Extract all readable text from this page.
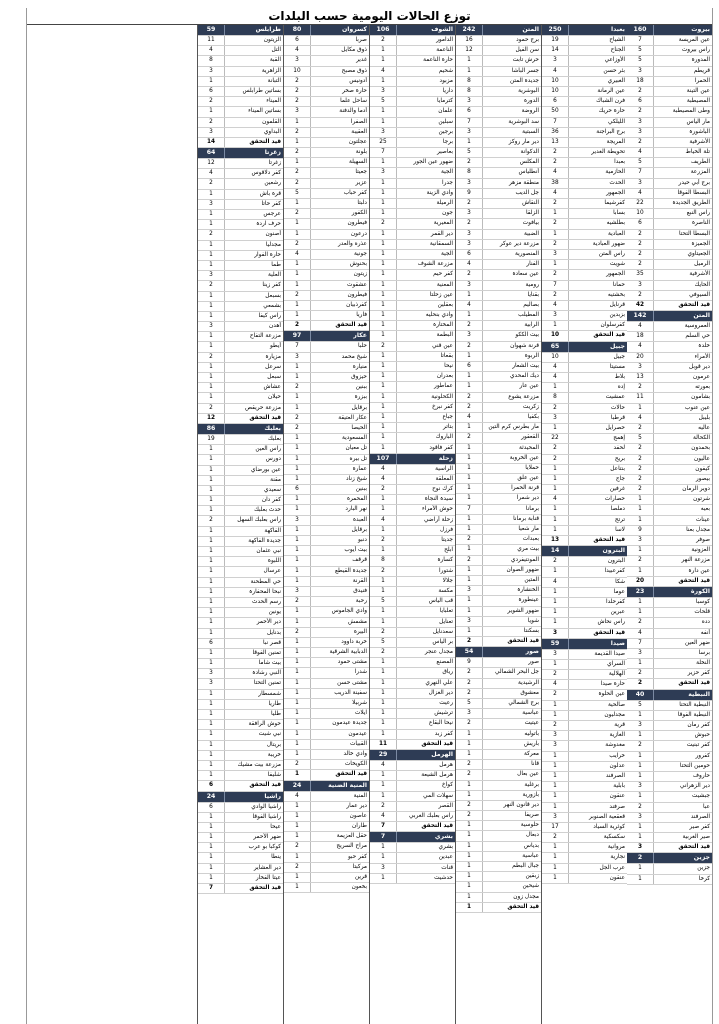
توزع الحالات اليومية حسب البلدات
بيروت
160
عين المريسة
7
راس بيروت
5
المدورة
5
قريطم
3
الحمرا
18
عين التينة
2
المصيطبة
6
وطى المصيطبة
2
مار الياس
3
الباشورة
3
الأشرفية
2
تلة الخياط
4
الطريف
5
المزرعة
7
برج أبي حيدر
3
البسطا الفوقا
4
الطريق الجديدة
22
راس النبع
10
الناصرة
6
البسطا التحتا
2
الجميزة
2
الجعيتاوي
2
الرميل
2
الأشرفية
35
الحايك
3
السيوفي
2
قيد التحقق
42
المتن
142
العمروسية
4
حي السلم
18
خلدة
4
الأمراء
20
دير قوبل
3
عرمون
13
بعورته
2
بشامون
11
عين عنوب
1
بليبل
4
عاليه
2
الكحالة
5
بحمدون
2
عاليون
2
كيفون
2
بيصور
2
دوير الرمان
2
شرتون
1
بعيه
1
عينات
1
مجدل بعنا
9
صوفر
3
العزونية
1
مزرعة النهر
2
عين دارة
1
قيد التحقق
20
الكورة
23
كوسبا
1
قلحات
1
دده
2
أنفه
4
ضهر العين
7
برسا
3
النخلة
1
كفر حزير
2
قيد التحقق
2
النبطية
40
النبطية التحتا
5
النبطية الفوقا
1
كفر رمان
3
حبوش
1
كفر تبنيت
2
كفرور
1
حومين التحتا
1
حاروف
1
دير الزهراني
3
جبشيت
1
عبا
2
الصرفند
3
كفر صير
1
صير الغربية
1
قيد التحقق
3
جزين
2
جزين
1
كرخا
1
بعبدا
250
الشياح
19
الجناح
14
الأوزاعي
3
بئر حسن
4
الغبيري
10
عين الرمانة
10
فرن الشباك
6
حارة حريك
50
الليلكي
7
برج البراجنة
36
المريجة
13
تحويطة الغدير
2
بعبدا
2
الحازمية
4
الحدث
38
الجمهور
4
كفرشيما
2
بسابا
1
بطلشيه
2
العبادية
1
ضهور العبادية
2
راس المتن
3
شويت
1
الجمهور
2
حمانا
7
بخشتيه
2
قرنايل
4
بزبدين
3
كفرسلوان
1
قيد التحقق
10
جبيل
65
جبيل
10
مستيتا
4
بلاط
4
إده
1
عمشيت
8
حالات
2
قرطبا
3
حصرايل
1
إهمج
22
لحفد
2
بريح
2
بنتاعل
1
جاج
1
غرفين
1
حصارات
4
دملصا
1
ترتج
1
لاسا
1
قيد التحقق
13
البترون
14
البترون
2
كفرعبيدا
1
شكا
4
عوما
1
كفرحلدا
1
عبرين
1
راس نحاش
1
قيد التحقق
3
صيدا
59
صيدا القديمة
3
السراي
1
الهلالية
2
حارة صيدا
4
عين الحلوة
2
صالحية
1
مجدليون
1
قرية
2
الغازية
3
مغدوشة
3
خرايب
1
عدلون
1
الصرفند
1
بابلية
1
عنقون
1
صرفند
1
قعقعية الصنوبر
3
كوثرية السياد
17
سكسكية
2
مروانية
1
نجارية
1
عرب الجل
1
عنقون
1
المتن
242
برج حمود
16
سن الفيل
12
حرش تابت
1
جسر الباشا
1
جديدة المتن
8
البوشرية
8
الدورة
3
الروضة
6
سد البوشرية
7
السبتية
3
دير مار روكز
1
الدكوانة
5
المكلس
2
أنطلياس
8
منطقة مزهر
3
جل الديب
9
النقاش
2
الزلقا
3
بيافوت
2
الضبية
3
مزرعة دير عوكر
3
المنصورية
6
الفنار
4
عين سعادة
2
رومية
3
بقنايا
1
بصاليم
4
المطيلب
1
الرابية
2
بيت الككو
3
قرنة شهوان
2
الربوة
1
بيت الشعار
6
ديك المحدي
1
عين عار
1
مزرعة يشوع
2
زكريت
2
بكفيا
4
مار بطرس كرم التين
1
القعقور
2
المحيدثة
1
عين الخروبة
1
حملايا
1
عين علق
1
قرنة الحمرا
1
دير شمرا
1
برمانا
7
قنابة برمانا
1
مار شعيا
1
بعبدات
2
بيت مري
1
المونتيفردي
2
ضهور الصوان
1
المتين
1
الخنشارة
3
عينطورة
1
ضهور الشوير
1
شويا
3
بسكنتا
1
قيد التحقق
2
صور
54
صور
9
جل البحر الشمالي
2
الرشيدية
2
معشوق
2
برج الشمالي
5
عباسية
3
عيتيت
2
باتوليه
1
باريش
1
معركة
1
قانا
2
عين بعال
2
برغلية
1
بازورية
1
دير قانون النهر
2
صريفا
2
حلوسية
1
دبعال
1
بدياس
1
عباسية
1
جبال البطم
1
زبقين
1
شيحين
1
مجدل زون
1
قيد التحقق
1
الشوف
106
الدامور
2
الناعمة
1
حارة الناعمة
1
شحيم
4
مزبود
1
داريا
3
كترمايا
5
علمان
1
سبلين
1
برجين
3
برجا
25
بعاصير
7
ضهور عين الجور
1
الجية
3
جدرا
1
وادي الزينة
1
الرميلة
1
جون
1
المغيرية
2
دير القمر
1
السمقانية
1
الجية
1
مزرعة الشوف
1
كفر حيم
1
المعنية
1
عين زحلتا
1
بعقلين
1
وادي بنحليه
1
المختارة
1
البطمة
1
عين قني
2
بقعاتا
1
نيحا
1
بعدران
1
عماطور
1
الكحلونية
1
كفر نبرخ
1
جباع
1
بتاتر
1
الباروك
1
كفر فاقود
1
زحلة
107
الراسية
4
المعلقة
4
كرك نوح
2
سيدة النجاة
1
حوش الأمراء
1
زحلة أراضي
4
فرزل
1
جديتا
2
ابلح
1
كسارة
8
شتورا
2
جلالا
1
مكسة
1
قب الياس
5
تعلبايا
1
تعنايل
1
سعدنايل
2
بر الياس
5
مجدل عنجر
2
المصنع
1
رياق
1
علي النهري
1
دير الغزال
1
رعيت
1
ترشيش
1
نيحا البقاع
1
كفر زبد
1
قيد التحقق
11
الهرمل
29
هرمل
4
هرمل الشيعة
1
كواخ
1
سهلات المي
1
القصر
2
راس بعلبك الغربي
4
قيد التحقق
7
بشري
7
بشري
1
عبدين
1
قنات
3
حدشيت
1
كسروان
80
صربا
6
ذوق مكايل
4
غدير
3
ذوق مصبح
10
أدونيس
2
حارة صخر
2
ساحل علما
2
أدما والدفنة
3
الصفرا
1
العقيبة
2
عجلتون
1
بلونة
2
السهيلة
1
جعيتا
2
عزير
2
كفر حباب
5
دلبتا
1
الكفور
2
فيطرون
1
درعون
1
عذره والعدر
2
جونية
4
بحنوش
1
زيتون
1
عشقوت
1
فيطرون
2
كفرذبيان
1
فاريا
1
قيد التحقق
2
عكار
97
حلبا
7
شيخ محمد
3
منيارة
1
حيزوق
1
ببنين
2
ببزرة
1
برقايل
1
عكار العتيقة
2
الحيصا
2
المسعودية
1
تل معيان
1
تل بيره
1
عمارة
1
شيخ زناد
1
ببنين
6
المحمرة
1
نهر البارد
1
العبدة
3
برقايل
1
دنبو
1
بيت أيوب
1
قرقف
1
جديدة القيطع
1
القرنة
1
فنيدق
3
رحبة
2
وادي الجاموس
1
مشمش
1
البيرة
2
خربة داوود
1
الدبابية الشرقية
1
مشتى حمود
1
شدرا
1
مشتى حسن
1
سفينة الدريب
1
شربيلا
1
ايلات
1
جديدة عيدمون
1
عيدمون
1
القبيات
1
وادي خالد
1
الكويخات
2
قيد التحقق
1
المنية الضنية
24
المنية
4
دير عمار
1
عاصون
1
طاران
1
حقل العزيمة
1
مراح السريج
2
كفر حبو
1
مركبتا
2
قرين
1
بخعون
1
طرابلس
59
الزيتون
11
التل
4
القبة
8
الزاهرية
3
التبانة
1
بساتين طرابلس
6
الميناء
2
بساتين الميناء
1
القلمون
2
البداوي
3
قيد التحقق
14
زغرتا
64
زغرتا
12
كفر دلاقوس
4
رشعين
2
قرة باش
1
كفر حاتا
3
عرجس
1
حرف اردة
1
أصنون
2
مجدليا
1
حارة الفوار
1
طما
1
العلية
3
كفر زينا
2
بسبعل
1
بشمعي
1
راس كيفا
1
أهدن
3
مزرعة التفاح
1
أيطو
1
مزيارة
2
سرعل
1
سبعل
1
عشاش
1
حيلان
1
مزرعة حريقص
2
قيد التحقق
12
بعلبك
86
بعلبك
19
راس العين
1
دورس
1
عين بورضاي
1
مقنة
1
سعيدي
1
كفر دان
1
حدث بعلبك
1
راس بعلبك السهل
2
الفاكهة
1
جديدة الفاكهة
1
نبي عثمان
1
اللبوة
1
عرسال
1
حي المطحنة
1
نبحا المحفارة
1
رسم الحدث
1
يونين
1
دير الأحمر
1
بدنايل
1
قصر نبا
6
تمنين الفوقا
1
بيت شاما
1
النبي رشادة
3
تمنين التحتا
3
شمسطار
1
طاريا
1
طليا
1
حوش الرافقة
1
نبي شيت
1
بريتال
1
خريبة
1
مزرعة بيت مشيك
1
شليفا
1
قيد التحقق
6
راشيا
24
راشيا الوادي
6
راشيا الفوقا
1
عيحا
1
ضهر الأحمر
1
كوكبا بو عرب
1
ينطا
1
دير العشاير
1
عيتا الفخار
1
قيد التحقق
7
